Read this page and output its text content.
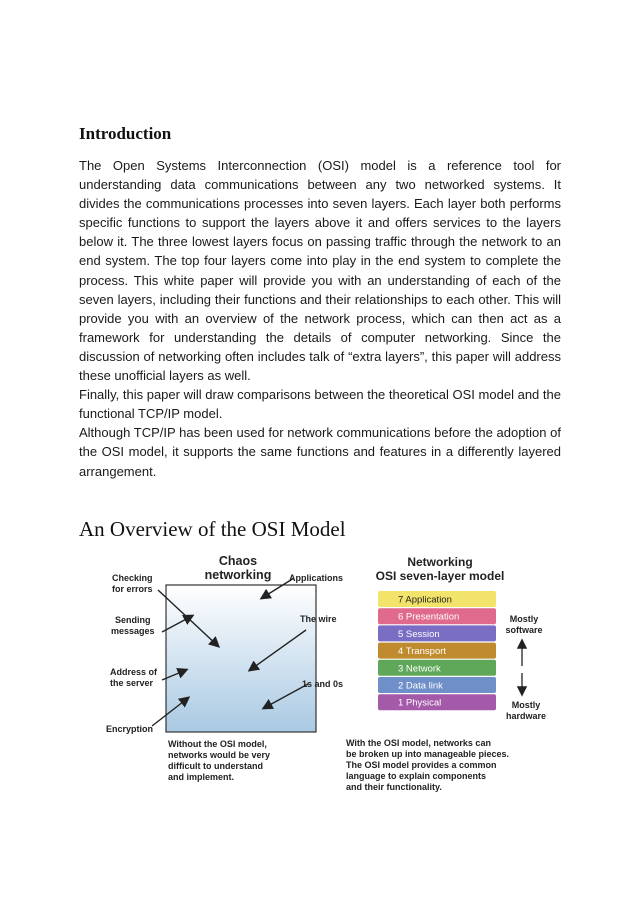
Introduction

The Open Systems Interconnection (OSI) model is a reference tool for understanding data communications between any two networked systems. It divides the communications processes into seven layers. Each layer both performs specific functions to support the layers above it and offers services to the layers below it. The three lowest layers focus on passing traffic through the network to an end system. The top four layers come into play in the end system to complete the process. This white paper will provide you with an understanding of each of the seven layers, including their functions and their relationships to each other. This will provide you with an overview of the network process, which can then act as a framework for understanding the details of computer networking. Since the discussion of networking often includes talk of “extra layers”, this paper will address these unofficial layers as well.

Finally, this paper will draw comparisons between the theoretical OSI model and the functional TCP/IP model.

Although TCP/IP has been used for network communications before the adoption of the OSI model, it supports the same functions and features in a differently layered arrangement.

An Overview of the OSI Model
Chaos
networking
Checking
for errors
Sending
messages
Address of
the server
Encryption
Applications
The wire
1s and 0s
Without the OSI model,
networks would be very
difficult to understand
and implement.
Networking
OSI seven-layer model
7 Application
6 Presentation
5 Session
4 Transport
3 Network
2 Data link
1 Physical
Mostly
software
Mostly
hardware
With the OSI model, networks can
be broken up into manageable pieces.
The OSI model provides a common
language to explain components
and their functionality.
